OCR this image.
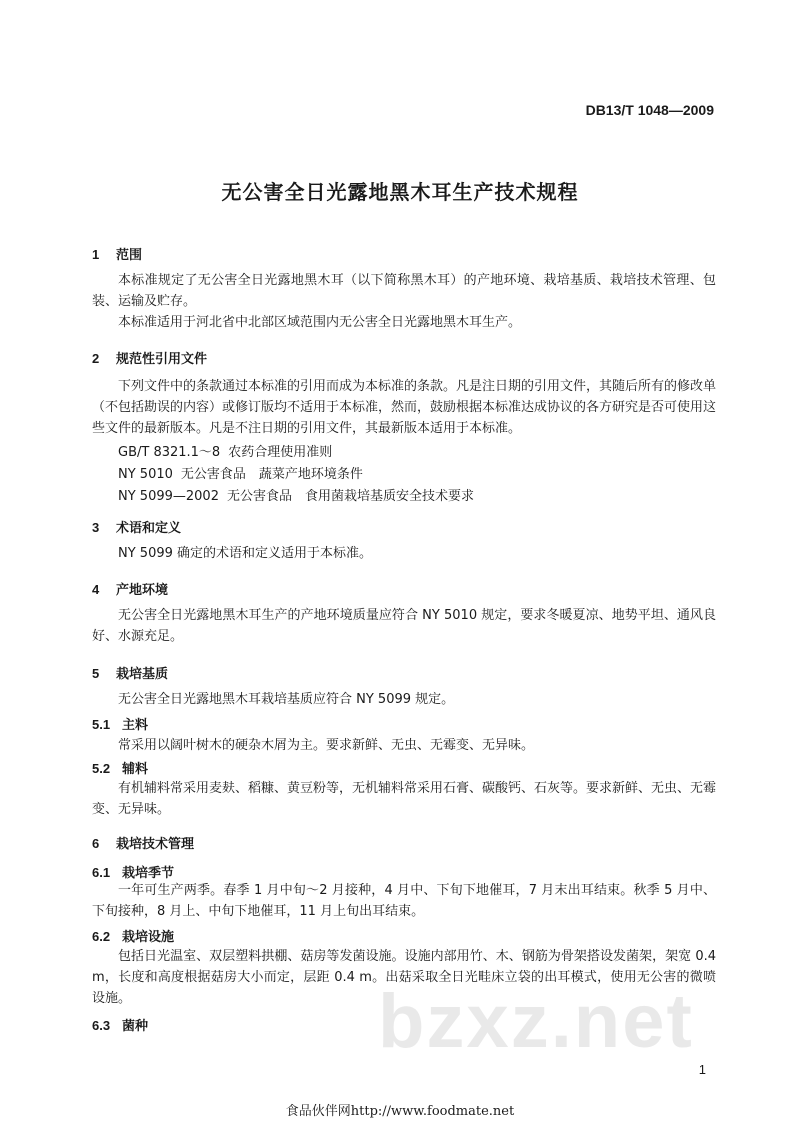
DB13/T 1048—2009
无公害全日光露地黑木耳生产技术规程
1 范围
本标准规定了无公害全日光露地黑木耳（以下简称黑木耳）的产地环境、栽培基质、栽培技术管理、包装、运输及贮存。
本标准适用于河北省中北部区域范围内无公害全日光露地黑木耳生产。
2 规范性引用文件
下列文件中的条款通过本标准的引用而成为本标准的条款。凡是注日期的引用文件，其随后所有的修改单（不包括勘误的内容）或修订版均不适用于本标准，然而，鼓励根据本标准达成协议的各方研究是否可使用这些文件的最新版本。凡是不注日期的引用文件，其最新版本适用于本标准。
GB/T 8321.1～8 农药合理使用准则
NY 5010 无公害食品　蔬菜产地环境条件
NY 5099—2002 无公害食品　食用菌栽培基质安全技术要求
3 术语和定义
NY 5099 确定的术语和定义适用于本标准。
4 产地环境
无公害全日光露地黑木耳生产的产地环境质量应符合 NY 5010 规定，要求冬暖夏凉、地势平坦、通风良好、水源充足。
5 栽培基质
无公害全日光露地黑木耳栽培基质应符合 NY 5099 规定。
5.1 主料
常采用以阔叶树木的硬杂木屑为主。要求新鲜、无虫、无霉变、无异味。
5.2 辅料
有机辅料常采用麦麸、稻糠、黄豆粉等，无机辅料常采用石膏、碳酸钙、石灰等。要求新鲜、无虫、无霉变、无异味。
6 栽培技术管理
6.1 栽培季节
一年可生产两季。春季 1 月中旬～2 月接种，4 月中、下旬下地催耳，7 月末出耳结束。秋季 5 月中、下旬接种，8 月上、中旬下地催耳，11 月上旬出耳结束。
6.2 栽培设施
包括日光温室、双层塑料拱棚、菇房等发菌设施。设施内部用竹、木、钢筋为骨架搭设发菌架，架宽 0.4 m，长度和高度根据菇房大小而定，层距 0.4 m。出菇采取全日光畦床立袋的出耳模式，使用无公害的微喷设施。	bzxz.net
6.3 菌种
1
食品伙伴网http://www.foodmate.net
